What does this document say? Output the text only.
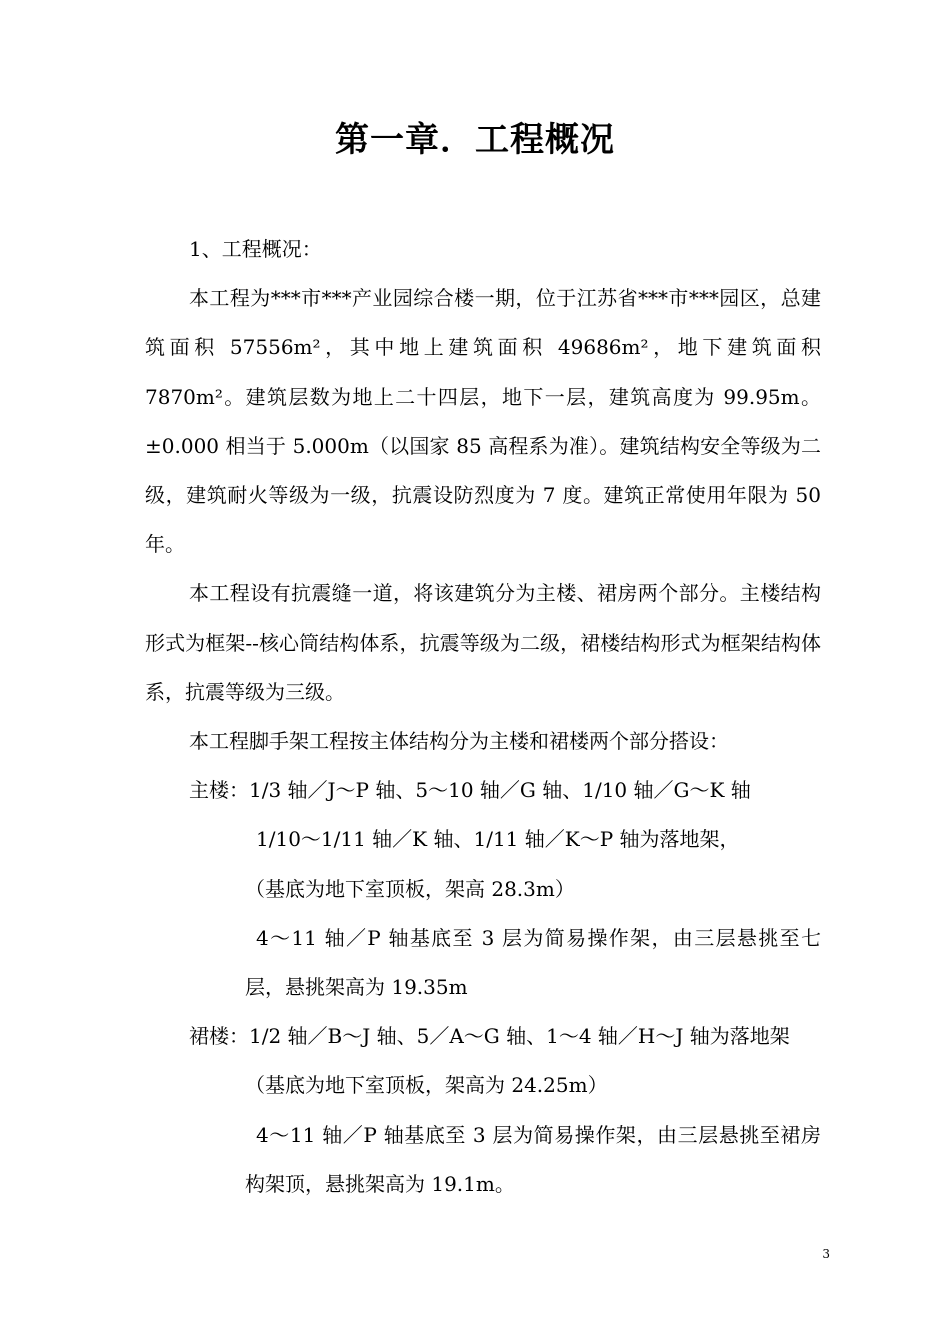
第一章．工程概况

1、工程概况：

本工程为***市***产业园综合楼一期，位于江苏省***市***园区，总建筑面积 57556m²，其中地上建筑面积 49686m²，地下建筑面积 7870m²。建筑层数为地上二十四层，地下一层，建筑高度为 99.95m。±0.000 相当于 5.000m（以国家 85 高程系为准）。建筑结构安全等级为二级，建筑耐火等级为一级，抗震设防烈度为 7 度。建筑正常使用年限为 50 年。

本工程设有抗震缝一道，将该建筑分为主楼、裙房两个部分。主楼结构形式为框架--核心筒结构体系，抗震等级为二级，裙楼结构形式为框架结构体系，抗震等级为三级。

本工程脚手架工程按主体结构分为主楼和裙楼两个部分搭设：

主楼：1/3 轴／J～P 轴、5～10 轴／G 轴、1/10 轴／G～K 轴

1/10～1/11 轴／K 轴、1/11 轴／K～P 轴为落地架，

（基底为地下室顶板，架高 28.3m）

4～11 轴／P 轴基底至 3 层为简易操作架，由三层悬挑至七层，悬挑架高为 19.35m

裙楼：1/2 轴／B～J 轴、5／A～G 轴、1～4 轴／H～J 轴为落地架

（基底为地下室顶板，架高为 24.25m）

4～11 轴／P 轴基底至 3 层为简易操作架，由三层悬挑至裙房构架顶，悬挑架高为 19.1m。

3
